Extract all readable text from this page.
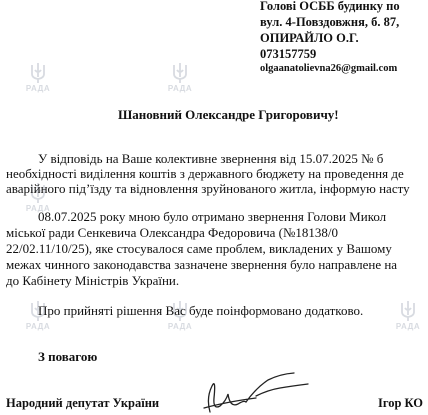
РАДА
РАДА
РАДА
РАДА
РАДА	РАДА
Голові ОСББ будинку по
вул. 4-Повздовжня, б. 87,
ОПИРАЙЛО О.Г.
073157759
olgaanatolievna26@gmail.com
Шановний Олександре Григоровичу!
У відповідь на Ваше колективне звернення від 15.07.2025 № б
необхідності виділення коштів з державного бюджету на проведення де
аварійного під’їзду та відновлення зруйнованого житла, інформую насту
08.07.2025 року мною було отримано звернення Голови Микол
міської ради Сенкевича Олександра Федоровича (№18138/0
22/02.11/10/25), яке стосувалося саме проблем, викладених у Вашому
межах чинного законодавства зазначене звернення було направлене на
до Кабінету Міністрів України.
Про прийняті рішення Вас буде поінформовано додатково.
З повагою
Народний депутат України	Ігор КО
